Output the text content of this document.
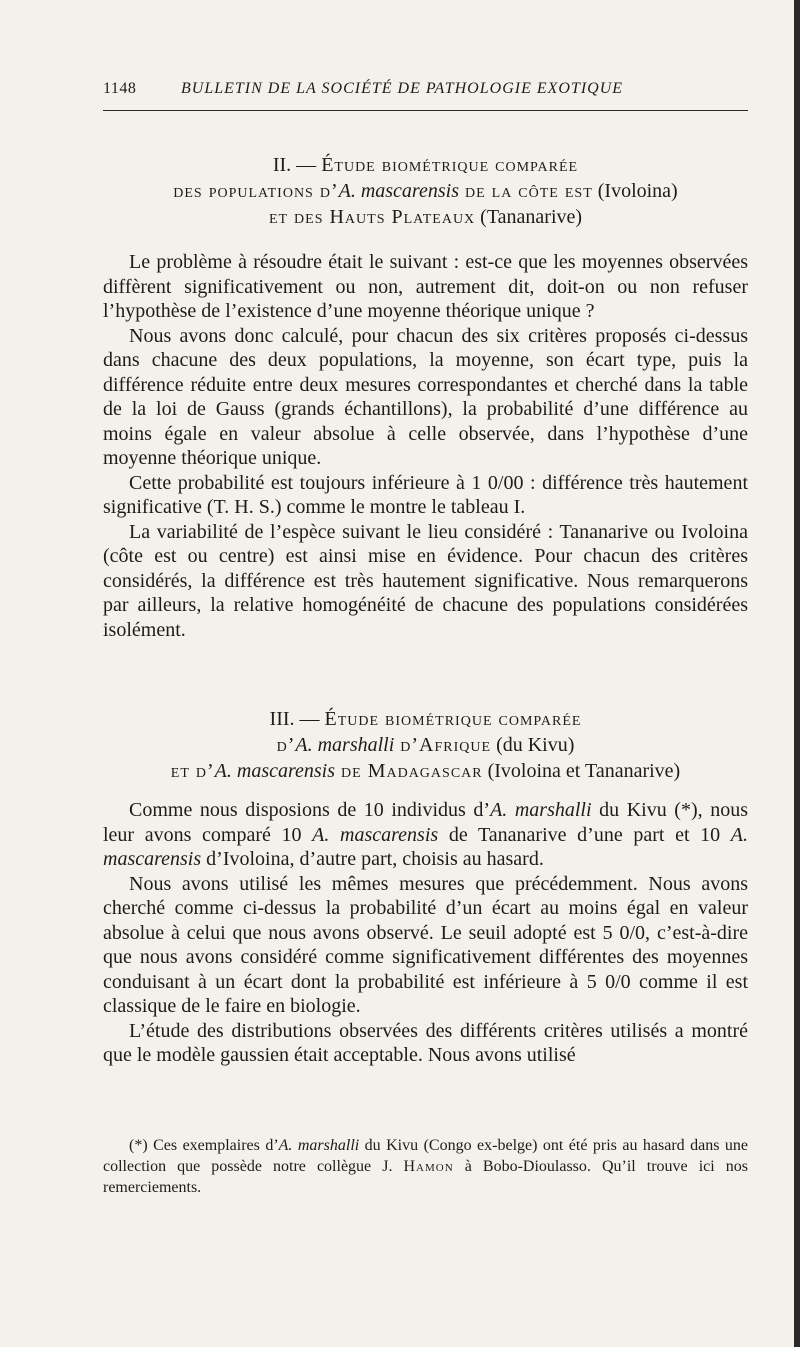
1148	BULLETIN DE LA SOCIÉTÉ DE PATHOLOGIE EXOTIQUE
II. — Étude biométrique comparée
des populations d’A. mascarensis de la côte est (Ivoloina)
et des Hauts Plateaux (Tananarive)

Le problème à résoudre était le suivant : est-ce que les moyennes observées diffèrent significativement ou non, autrement dit, doit-on ou non refuser l’hypothèse de l’existence d’une moyenne théorique unique ?

Nous avons donc calculé, pour chacun des six critères proposés ci-dessus dans chacune des deux populations, la moyenne, son écart type, puis la différence réduite entre deux mesures correspondantes et cherché dans la table de la loi de Gauss (grands échantillons), la probabilité d’une différence au moins égale en valeur absolue à celle observée, dans l’hypothèse d’une moyenne théorique unique.

Cette probabilité est toujours inférieure à 1 0/00 : différence très hautement significative (T. H. S.) comme le montre le tableau I.

La variabilité de l’espèce suivant le lieu considéré : Tananarive ou Ivoloina (côte est ou centre) est ainsi mise en évidence. Pour chacun des critères considérés, la différence est très hautement significative. Nous remarquerons par ailleurs, la relative homogénéité de chacune des populations considérées isolément.

III. — Étude biométrique comparée
d’A. marshalli d’Afrique (du Kivu)
et d’A. mascarensis de Madagascar (Ivoloina et Tananarive)

Comme nous disposions de 10 individus d’A. marshalli du Kivu (*), nous leur avons comparé 10 A. mascarensis de Tananarive d’une part et 10 A. mascarensis d’Ivoloina, d’autre part, choisis au hasard.

Nous avons utilisé les mêmes mesures que précédemment. Nous avons cherché comme ci-dessus la probabilité d’un écart au moins égal en valeur absolue à celui que nous avons observé. Le seuil adopté est 5 0/0, c’est-à-dire que nous avons considéré comme significativement différentes des moyennes conduisant à un écart dont la probabilité est inférieure à 5 0/0 comme il est classique de le faire en biologie.

L’étude des distributions observées des différents critères utilisés a montré que le modèle gaussien était acceptable. Nous avons utilisé

(*) Ces exemplaires d’A. marshalli du Kivu (Congo ex-belge) ont été pris au hasard dans une collection que possède notre collègue J. Hamon à Bobo-Dioulasso. Qu’il trouve ici nos remerciements.
